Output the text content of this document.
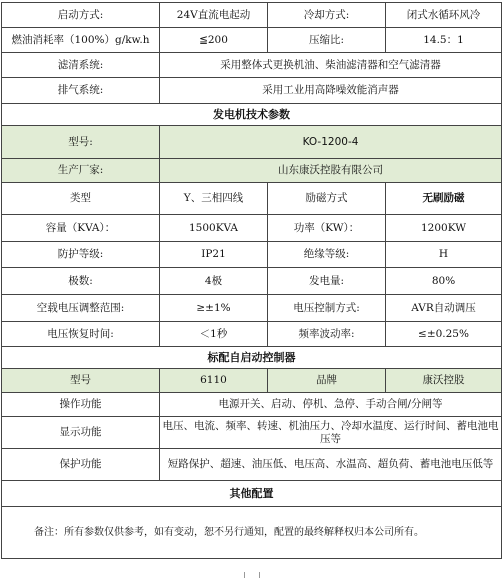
启动方式:	24V直流电起动	冷却方式:	闭式水循环风冷
燃油消耗率（100%）g/kw.h	≦200	压缩比:	14.5：1
滤清系统:	采用整体式更换机油、柴油滤清器和空气滤清器		
排气系统:	采用工业用高降噪效能消声器		
发电机技术参数			
型号:	KO-1200-4		
生产厂家:	山东康沃控股有限公司		
类型	Y、三相四线	励磁方式	无刷励磁
容量（KVA）：	1500KVA	功率（KW）：	1200KW
防护等级:	IP21	绝缘等级:	H
极数:	4极	发电量:	80%
空载电压调整范围:	≥±1%	电压控制方式:	AVR自动调压
电压恢复时间:	＜1秒	频率波动率:	≤±0.25%
标配自启动控制器			
型号	6110	品牌	康沃控股
操作功能	电源开关、启动、停机、急停、手动合闸/分闸等		
显示功能	电压、电流、频率、转速、机油压力、冷却水温度、运行时间、蓄电池电压等		
保护功能	短路保护、超速、油压低、电压高、水温高、超负荷、蓄电池电压低等		
其他配置			
备注：所有参数仅供参考，如有变动，恕不另行通知，配置的最终解释权归本公司所有。			
